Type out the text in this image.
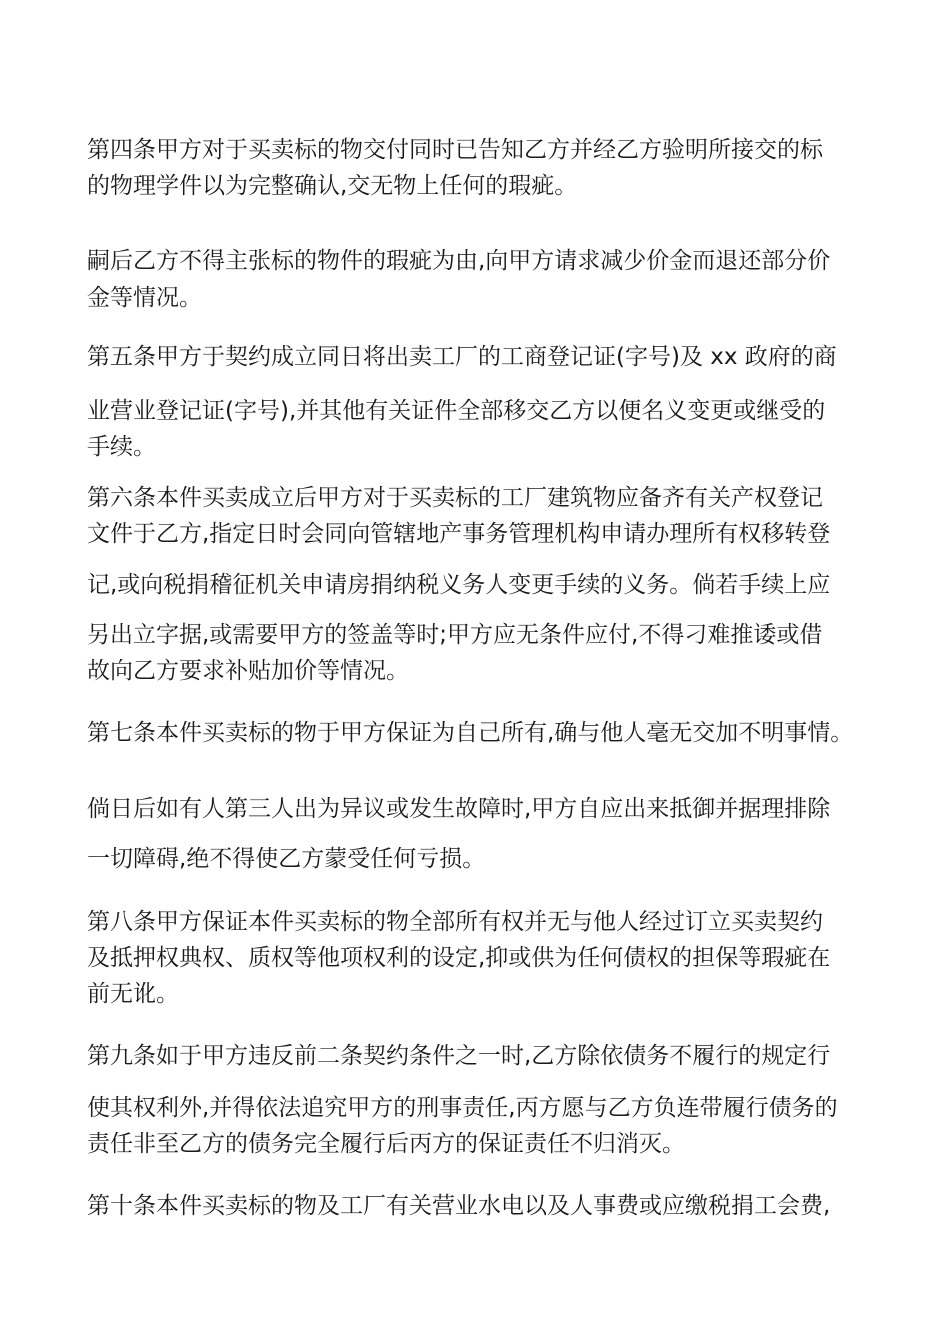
第四条甲方对于买卖标的物交付同时已告知乙方并经乙方验明所接交的标
的物理学件以为完整确认,交无物上任何的瑕疵。
嗣后乙方不得主张标的物件的瑕疵为由,向甲方请求减少价金而退还部分价
金等情况。
第五条甲方于契约成立同日将出卖工厂的工商登记证(字号)及 xx 政府的商
业营业登记证(字号),并其他有关证件全部移交乙方以便名义变更或继受的
手续。
第六条本件买卖成立后甲方对于买卖标的工厂建筑物应备齐有关产权登记
文件于乙方,指定日时会同向管辖地产事务管理机构申请办理所有权移转登
记,或向税捐稽征机关申请房捐纳税义务人变更手续的义务。倘若手续上应
另出立字据,或需要甲方的签盖等时;甲方应无条件应付,不得刁难推诿或借
故向乙方要求补贴加价等情况。
第七条本件买卖标的物于甲方保证为自己所有,确与他人毫无交加不明事情。
倘日后如有人第三人出为异议或发生故障时,甲方自应出来抵御并据理排除
一切障碍,绝不得使乙方蒙受任何亏损。
第八条甲方保证本件买卖标的物全部所有权并无与他人经过订立买卖契约
及抵押权典权、质权等他项权利的设定,抑或供为任何债权的担保等瑕疵在
前无讹。
第九条如于甲方违反前二条契约条件之一时,乙方除依债务不履行的规定行
使其权利外,并得依法追究甲方的刑事责任,丙方愿与乙方负连带履行债务的
责任非至乙方的债务完全履行后丙方的保证责任不归消灭。
第十条本件买卖标的物及工厂有关营业水电以及人事费或应缴税捐工会费,
